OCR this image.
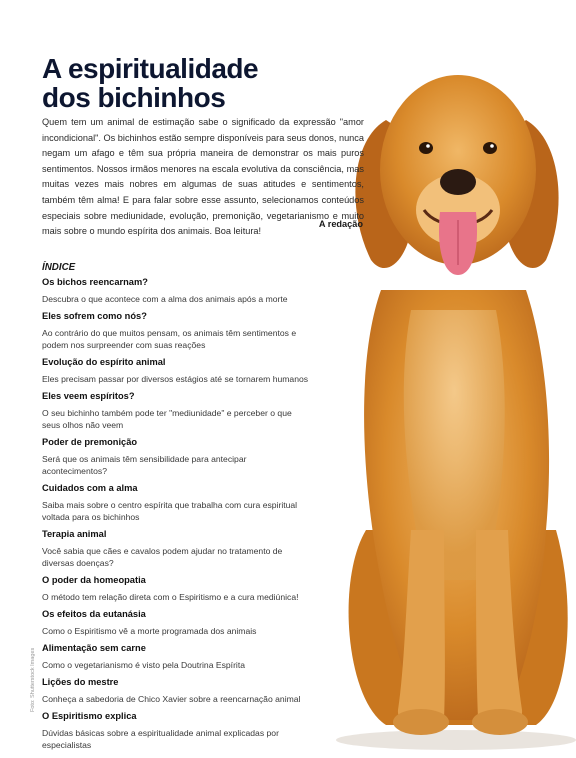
A espiritualidade
dos bichinhos
Quem tem um animal de estimação sabe o significado da expressão "amor incondicional". Os bichinhos estão sempre disponíveis para seus donos, nunca negam um afago e têm sua própria maneira de demonstrar os mais puros sentimentos. Nossos irmãos menores na escala evolutiva da consciência, mas muitas vezes mais nobres em algumas de suas atitudes e sentimentos, também têm alma! E para falar sobre esse assunto, selecionamos conteúdos especiais sobre mediunidade, evolução, premonição, vegetarianismo e muito mais sobre o mundo espírita dos animais. Boa leitura!
A redação
ÍNDICE
Os bichos reencarnam?
Descubra o que acontece com a alma dos animais após a morte
Eles sofrem como nós?
Ao contrário do que muitos pensam, os animais têm sentimentos e podem nos surpreender com suas reações
Evolução do espírito animal
Eles precisam passar por diversos estágios até se tornarem humanos
Eles veem espíritos?
O seu bichinho também pode ter "mediunidade" e perceber o que seus olhos não veem
Poder de premonição
Será que os animais têm sensibilidade para antecipar acontecimentos?
Cuidados com a alma
Saiba mais sobre o centro espírita que trabalha com cura espiritual voltada para os bichinhos
Terapia animal
Você sabia que cães e cavalos podem ajudar no tratamento de diversas doenças?
O poder da homeopatia
O método tem relação direta com o Espiritismo e a cura mediúnica!
Os efeitos da eutanásia
Como o Espiritismo vê a morte programada dos animais
Alimentação sem carne
Como o vegetarianismo é visto pela Doutrina Espírita
Lições do mestre
Conheça a sabedoria de Chico Xavier sobre a reencarnação animal
O Espiritismo explica
Dúvidas básicas sobre a espiritualidade animal explicadas por especialistas
Foto: Shutterstock Images
